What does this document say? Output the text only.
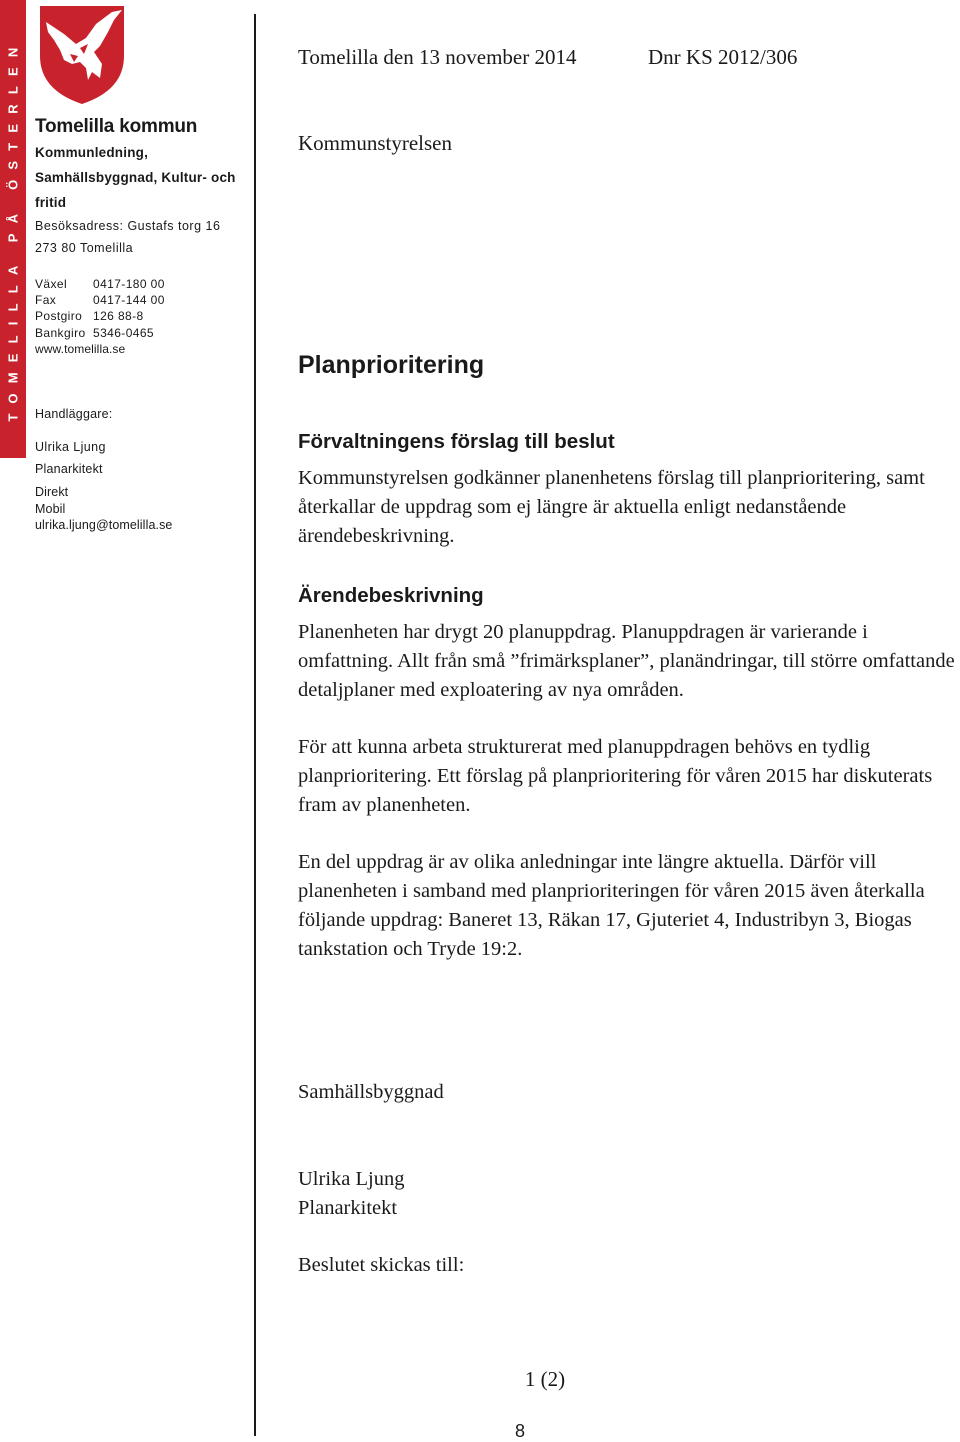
TOMELILLA PÅ ÖSTERLEN Tomelilla kommun
Kommunledning,
Samhällsbyggnad, Kultur- och
fritid
Besöksadress: Gustafs torg 16
273 80 Tomelilla
Växel	0417-180 00
Fax	0417-144 00
Postgiro 126 88-8
Bankgiro 5346-0465
www.tomelilla.se
Handläggare:
Ulrika Ljung
Planarkitekt
Direkt
Mobil
ulrika.ljung@tomelilla.se
Tomelilla den 13 november 2014	Dnr KS 2012/306
Kommunstyrelsen
Planprioritering
Förvaltningens förslag till beslut
Kommunstyrelsen godkänner planenhetens förslag till planprioritering, samt återkallar de uppdrag som ej längre är aktuella enligt nedanstående ärendebeskrivning.
Ärendebeskrivning
Planenheten har drygt 20 planuppdrag. Planuppdragen är varierande i omfattning. Allt från små ”frimärksplaner”, planändringar, till större omfattande detaljplaner med exploatering av nya områden.
För att kunna arbeta strukturerat med planuppdragen behövs en tydlig planprioritering. Ett förslag på planprioritering för våren 2015 har diskuterats fram av planenheten.
En del uppdrag är av olika anledningar inte längre aktuella. Därför vill planenheten i samband med planprioriteringen för våren 2015 även återkalla följande uppdrag: Baneret 13, Räkan 17, Gjuteriet 4, Industribyn 3, Biogas tankstation och Tryde 19:2.
Samhällsbyggnad
Ulrika Ljung
Planarkitekt
Beslutet skickas till:
1 (2)
8
